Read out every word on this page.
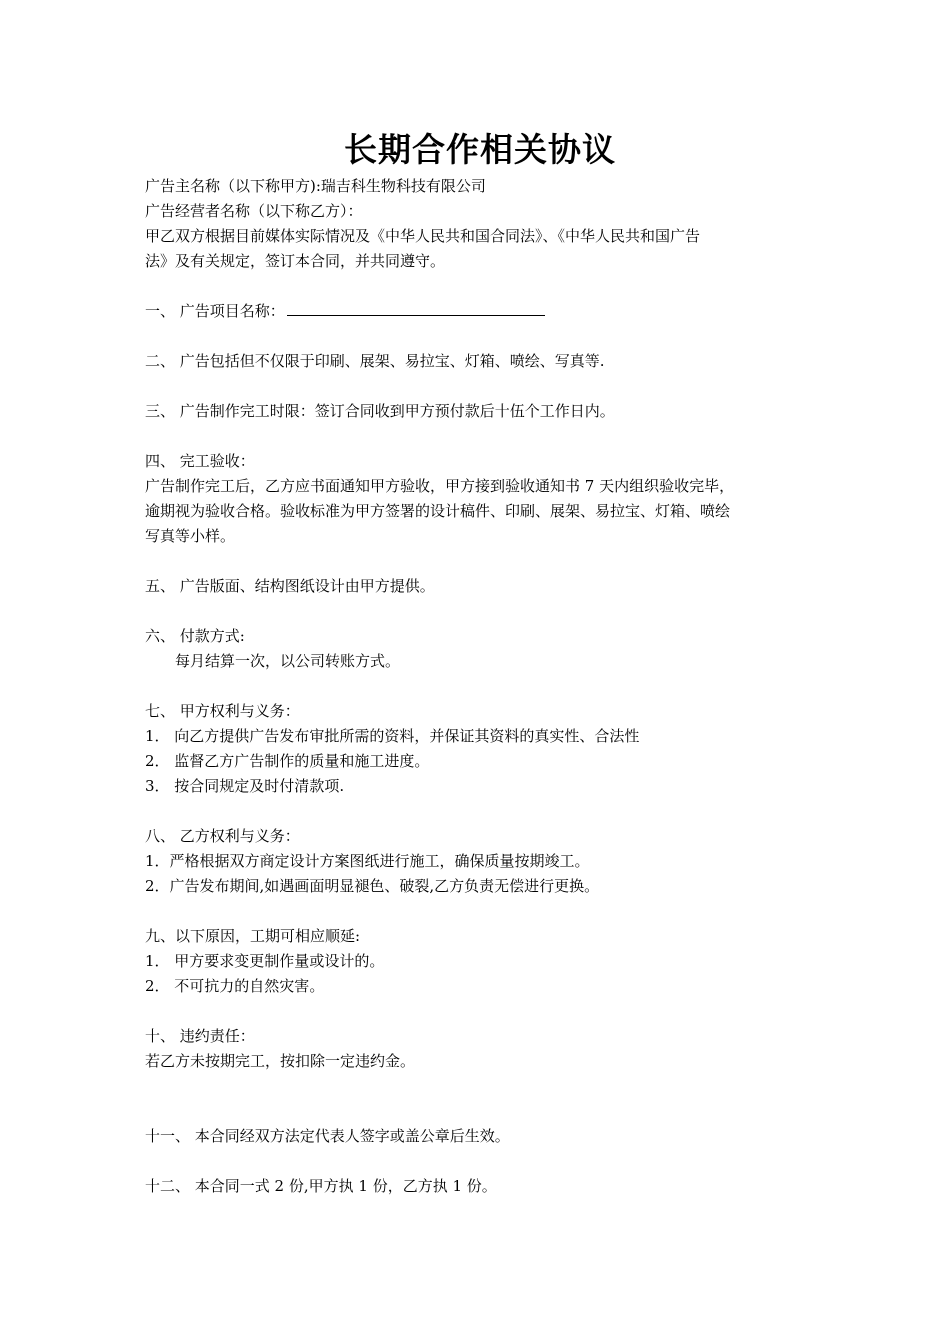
长期合作相关协议
广告主名称（以下称甲方):瑞吉科生物科技有限公司
广告经营者名称（以下称乙方）：
甲乙双方根据目前媒体实际情况及《中华人民共和国合同法》、《中华人民共和国广告
法》及有关规定，签订本合同，并共同遵守。
一、 广告项目名称：
二、 广告包括但不仅限于印刷、展架、易拉宝、灯箱、喷绘、写真等.
三、 广告制作完工时限：签订合同收到甲方预付款后十伍个工作日内。
四、 完工验收：
广告制作完工后，乙方应书面通知甲方验收，甲方接到验收通知书 7 天内组织验收完毕，
逾期视为验收合格。验收标准为甲方签署的设计稿件、印刷、展架、易拉宝、灯箱、喷绘
写真等小样。
五、 广告版面、结构图纸设计由甲方提供。
六、 付款方式:
每月结算一次，以公司转账方式。
七、 甲方权利与义务：
1． 向乙方提供广告发布审批所需的资料，并保证其资料的真实性、合法性
2． 监督乙方广告制作的质量和施工进度。
3． 按合同规定及时付清款项.
八、 乙方权利与义务：
1．严格根据双方商定设计方案图纸进行施工，确保质量按期竣工。
2．广告发布期间,如遇画面明显褪色、破裂,乙方负责无偿进行更换。
九、以下原因，工期可相应顺延:
1． 甲方要求变更制作量或设计的。
2． 不可抗力的自然灾害。
十、 违约责任：
若乙方未按期完工，按扣除一定违约金。
十一、 本合同经双方法定代表人签字或盖公章后生效。
十二、 本合同一式 2 份,甲方执 1 份，乙方执 1 份。
